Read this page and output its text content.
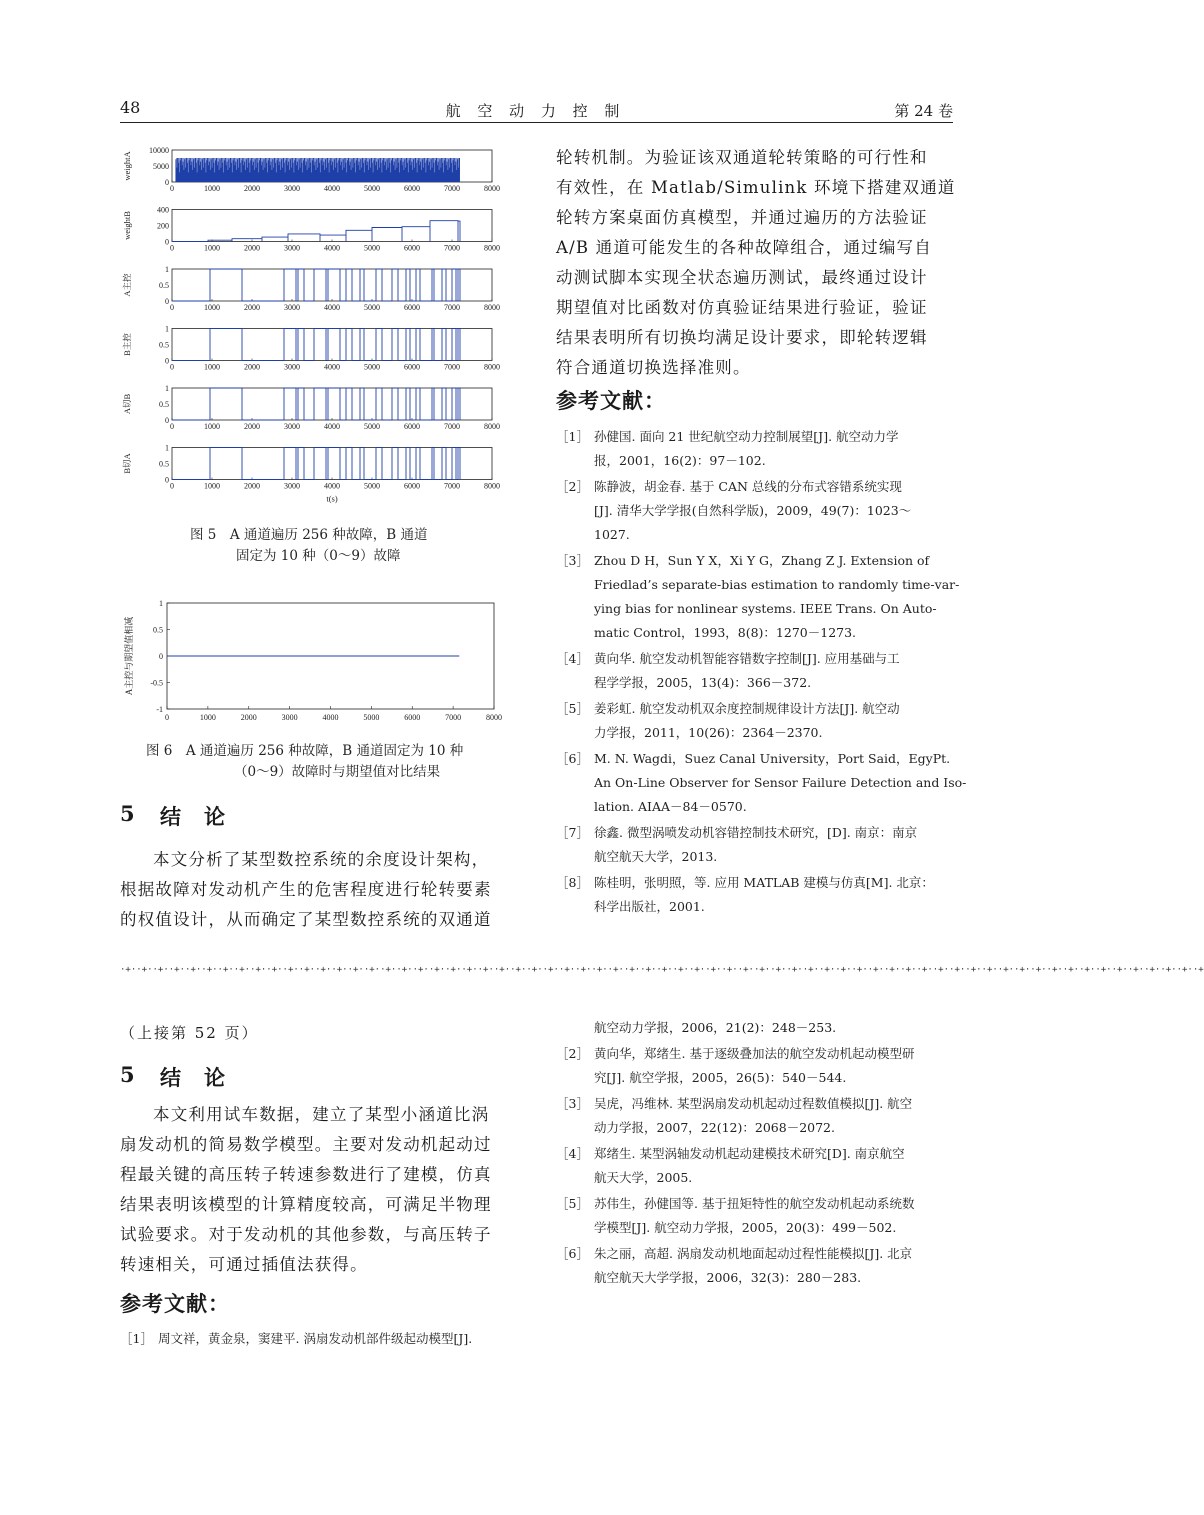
48	航 空 动 力 控 制	第 24 卷
10000
5000
0
0	1000	2000	3000	4000	5000	6000	7000	8000
weightA
400
200
0
0	1000	2000	3000	4000	5000	6000	7000	8000
weightB
1
0.5
0
0	1000	2000	3000	4000	5000	6000	7000	8000
A主控
1
0.5
0
0	1000	2000	3000	4000	5000	6000	7000	8000
B主控
1
0.5
0
0	1000	2000	3000	4000	5000	6000	7000	8000
A切B
1
0.5
0
0	1000	2000	3000	4000	5000	6000	7000	8000
B切A
t(s)
图 5　A 通道遍历 256 种故障，B 通道
固定为 10 种（0～9）故障
1
0.5
0
-0.5
-1
0	1000	2000	3000	4000	5000	6000	7000	8000
A主控与期望值相减
图 6　A 通道遍历 256 种故障，B 通道固定为 10 种
（0～9）故障时与期望值对比结果
5 结　论
本文分析了某型数控系统的余度设计架构，
根据故障对发动机产生的危害程度进行轮转要素
的权值设计，从而确定了某型数控系统的双通道
轮转机制。为验证该双通道轮转策略的可行性和
有效性，在 Matlab/Simulink 环境下搭建双通道
轮转方案桌面仿真模型，并通过遍历的方法验证
A/B 通道可能发生的各种故障组合，通过编写自
动测试脚本实现全状态遍历测试，最终通过设计
期望值对比函数对仿真验证结果进行验证，验证
结果表明所有切换均满足设计要求，即轮转逻辑
符合通道切换选择准则。
参考文献：
［1］ 孙健国. 面向 21 世纪航空动力控制展望[J]. 航空动力学
报，2001，16(2)：97－102.
［2］ 陈静波，胡金春. 基于 CAN 总线的分布式容错系统实现
[J]. 清华大学学报(自然科学版)，2009，49(7)：1023～
1027.
［3］ Zhou D H，Sun Y X，Xi Y G，Zhang Z J. Extension of
Friedlad’s separate-bias estimation to randomly time-var-
ying bias for nonlinear systems. IEEE Trans. On Auto-
matic Control，1993，8(8)：1270－1273.
［4］ 黄向华. 航空发动机智能容错数字控制[J]. 应用基础与工
程学学报，2005，13(4)：366－372.
［5］ 姜彩虹. 航空发动机双余度控制规律设计方法[J]. 航空动
力学报，2011，10(26)：2364－2370.
［6］ M. N. Wagdi，Suez Canal University，Port Said，EgyPt.
An On-Line Observer for Sensor Failure Detection and Iso-
lation. AIAA－84－0570.
［7］ 徐鑫. 微型涡喷发动机容错控制技术研究，[D]. 南京：南京
航空航天大学，2013.
［8］ 陈桂明，张明照，等. 应用 MATLAB 建模与仿真[M]. 北京：
科学出版社，2001.
·+··+··+··+··+··+··+··+··+··+··+··+··+··+··+··+··+··+··+··+··+··+··+··+··+··+··+··+··+··+··+··+··+··+··+··+··+··+··+··+··+··+··+··+··+··+··+··+··+··+··+··+··+··+··+··+··+··+··+··+··+··+··+··+··+··+··+
（上接第 52 页）
5 结　论
本文利用试车数据，建立了某型小涵道比涡
扇发动机的简易数学模型。主要对发动机起动过
程最关键的高压转子转速参数进行了建模，仿真
结果表明该模型的计算精度较高，可满足半物理
试验要求。对于发动机的其他参数，与高压转子
转速相关，可通过插值法获得。
参考文献：
［1］ 周文祥，黄金泉，窦建平. 涡扇发动机部件级起动模型[J].
航空动力学报，2006，21(2)：248－253.
［2］ 黄向华，郑绪生. 基于逐级叠加法的航空发动机起动模型研
究[J]. 航空学报，2005，26(5)：540－544.
［3］ 吴虎，冯维林. 某型涡扇发动机起动过程数值模拟[J]. 航空
动力学报，2007，22(12)：2068－2072.
［4］ 郑绪生. 某型涡轴发动机起动建模技术研究[D]. 南京航空
航天大学，2005.
［5］ 苏伟生，孙健国等. 基于扭矩特性的航空发动机起动系统数
学模型[J]. 航空动力学报，2005，20(3)：499－502.
［6］ 朱之丽，高超. 涡扇发动机地面起动过程性能模拟[J]. 北京
航空航天大学学报，2006，32(3)：280－283.
